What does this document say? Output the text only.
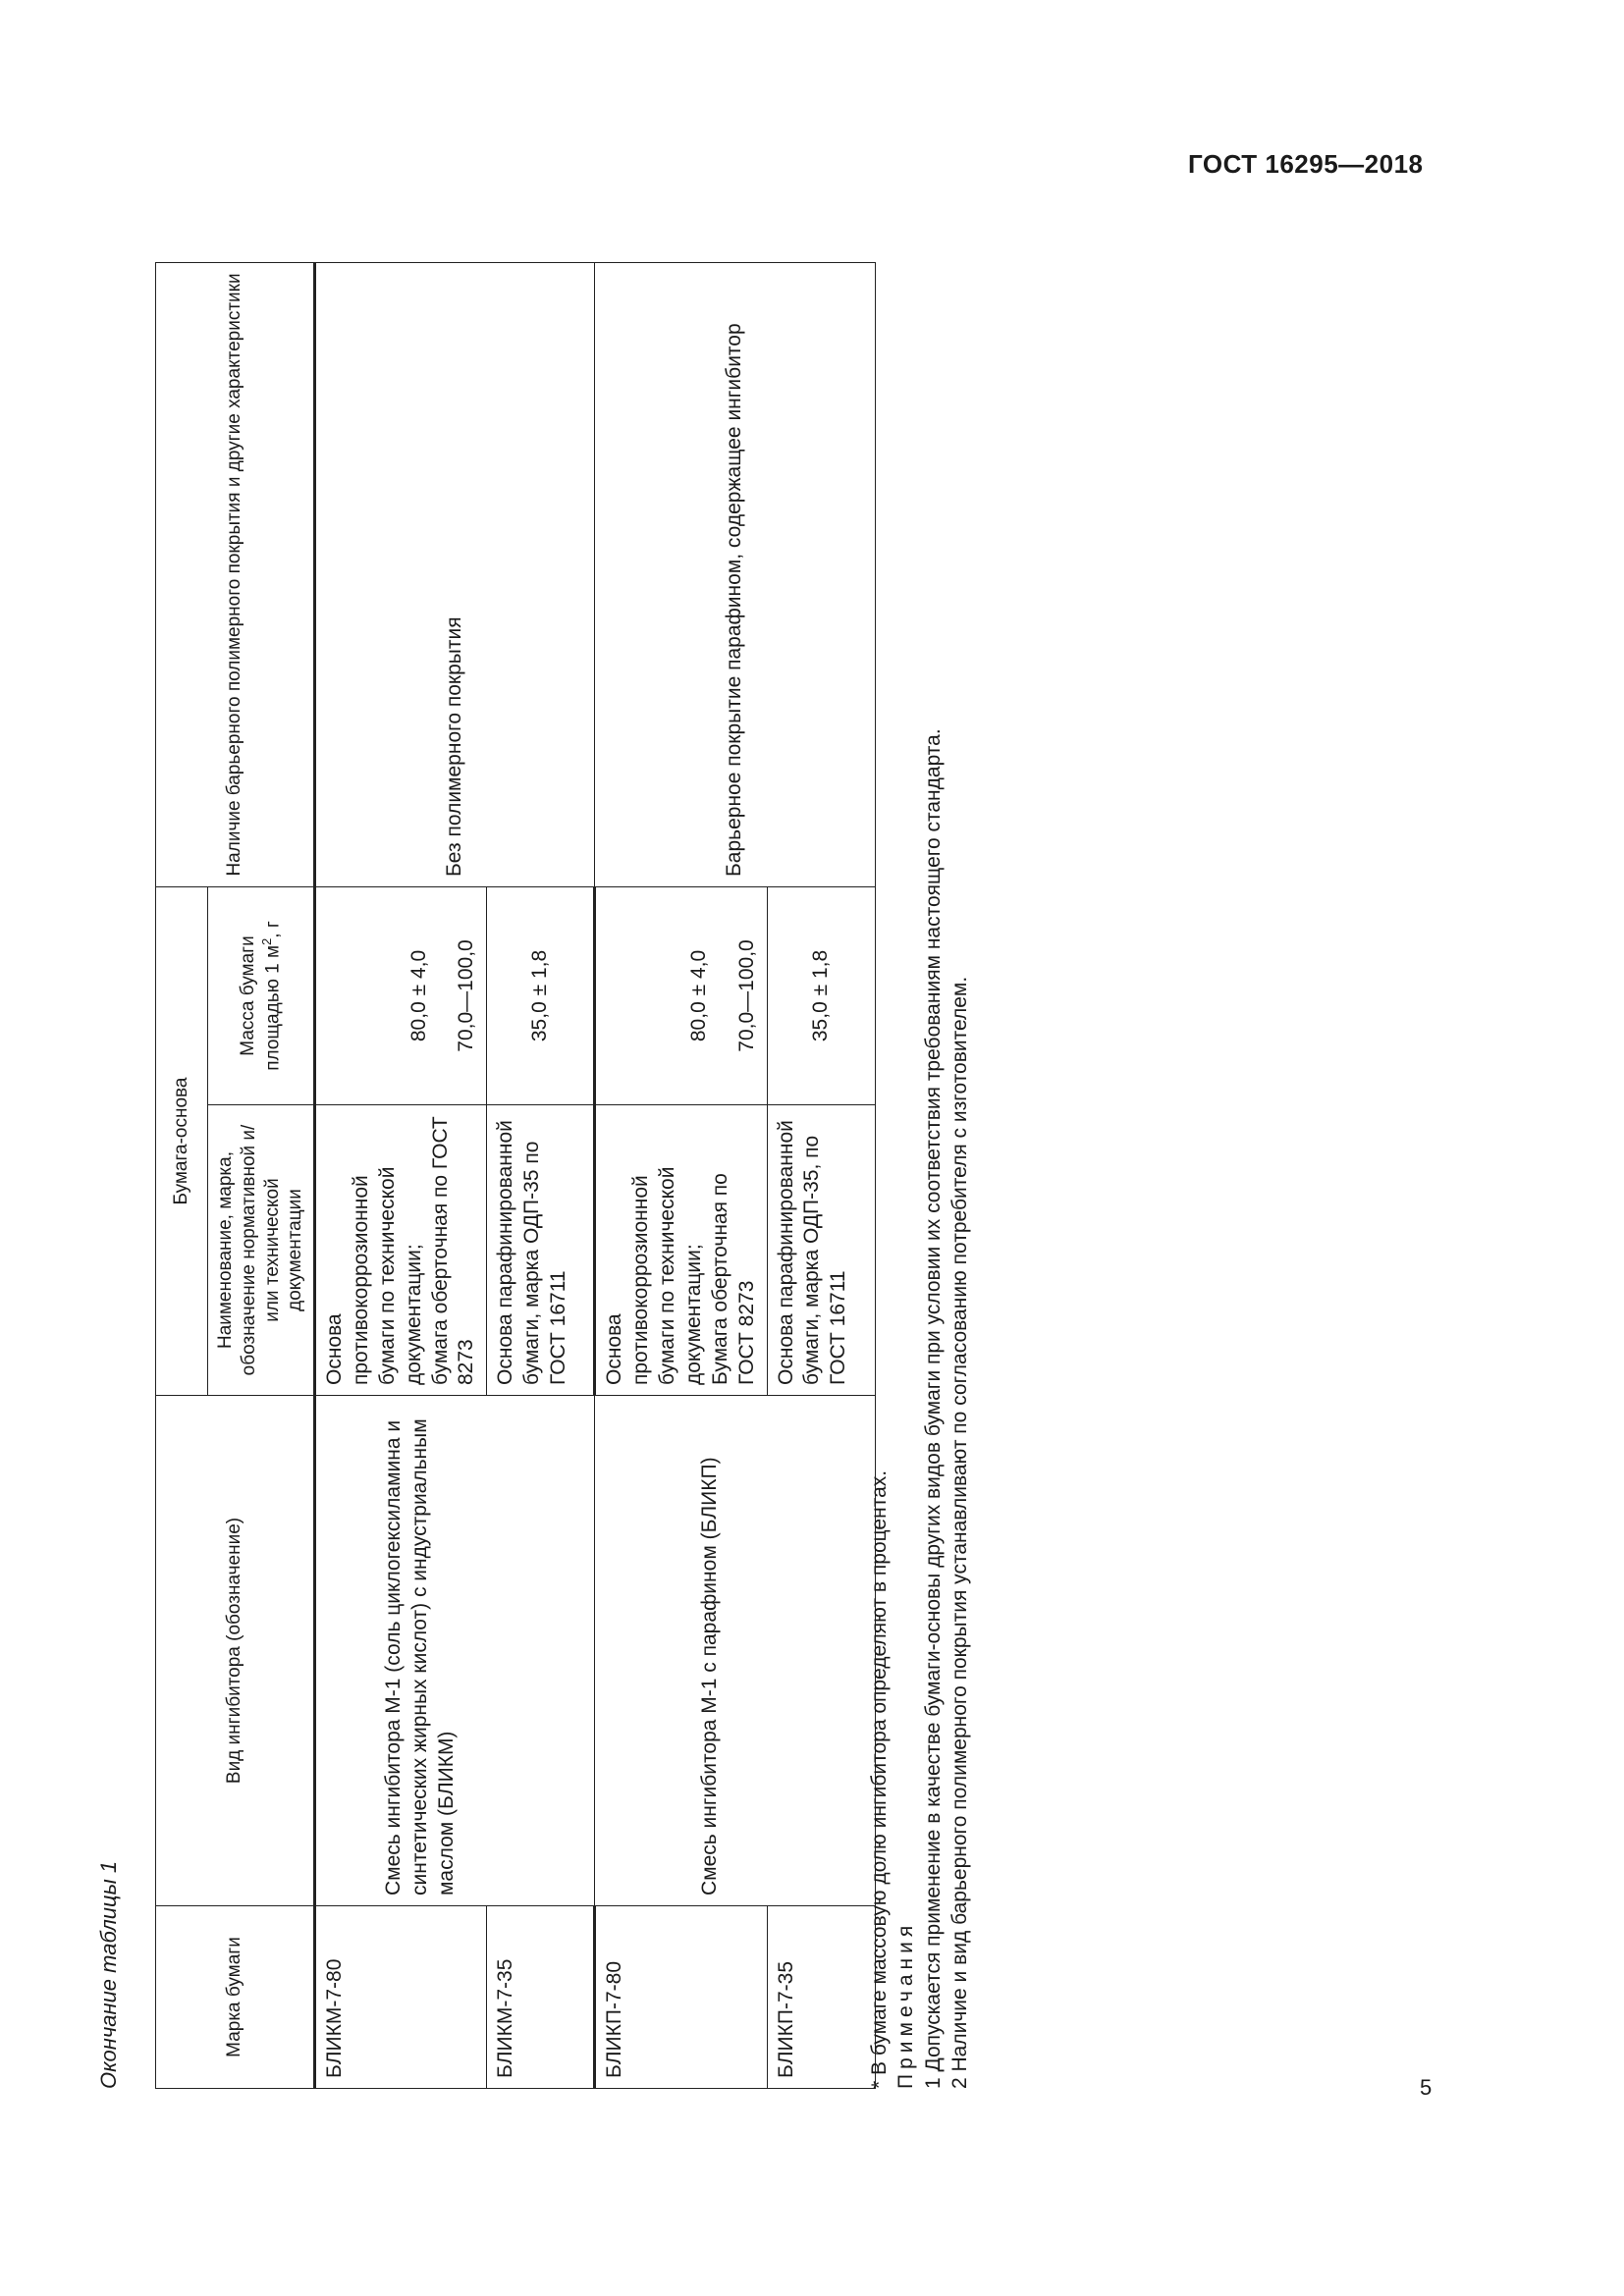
ГОСТ 16295—2018
Окончание таблицы 1	Марка бумаги	Вид ингибитора (обозначение)	Бумага-основа		Наличие барьерного полимерного покрытия и другие характеристики
		Наименование, марка, обозначение нормативной и/или технической документации	Масса бумаги площадью 1 $м^2$, г	
БЛИКМ-7-80	Смесь ингибитора М-1 (соль циклогексиламина и синтетических жирных кислот) с индустриальным маслом (БЛИКМ)	Основа противокоррозионной бумаги по технической документации; бумага оберточная по ГОСТ 8273	80,0 ± 4,0 70,0—100,0	Без полимерного покрытия
БЛИКМ-7-35		Основа парафинированной бумаги, марка ОДП-35 по ГОСТ 16711	35,0 ± 1,8	
БЛИКП-7-80	Смесь ингибитора М-1 с парафином (БЛИКП)	Основа противокоррозионной бумаги по технической документации; Бумага оберточная по ГОСТ 8273	80,0 ± 4,0 70,0—100,0	Барьерное покрытие парафином, содержащее ингибитор
БЛИКП-7-35		Основа парафинированной бумаги, марка ОДП-35, по ГОСТ 16711	35,0 ± 1,8	
* В бумаге массовую долю ингибитора определяют в процентах. Примечания 1 Допускается применение в качестве бумаги-основы других видов бумаги при условии их соответствия требованиям настоящего стандарта. 2 Наличие и вид барьерного полимерного покрытия устанавливают по согласованию потребителя с изготовителем.	5
